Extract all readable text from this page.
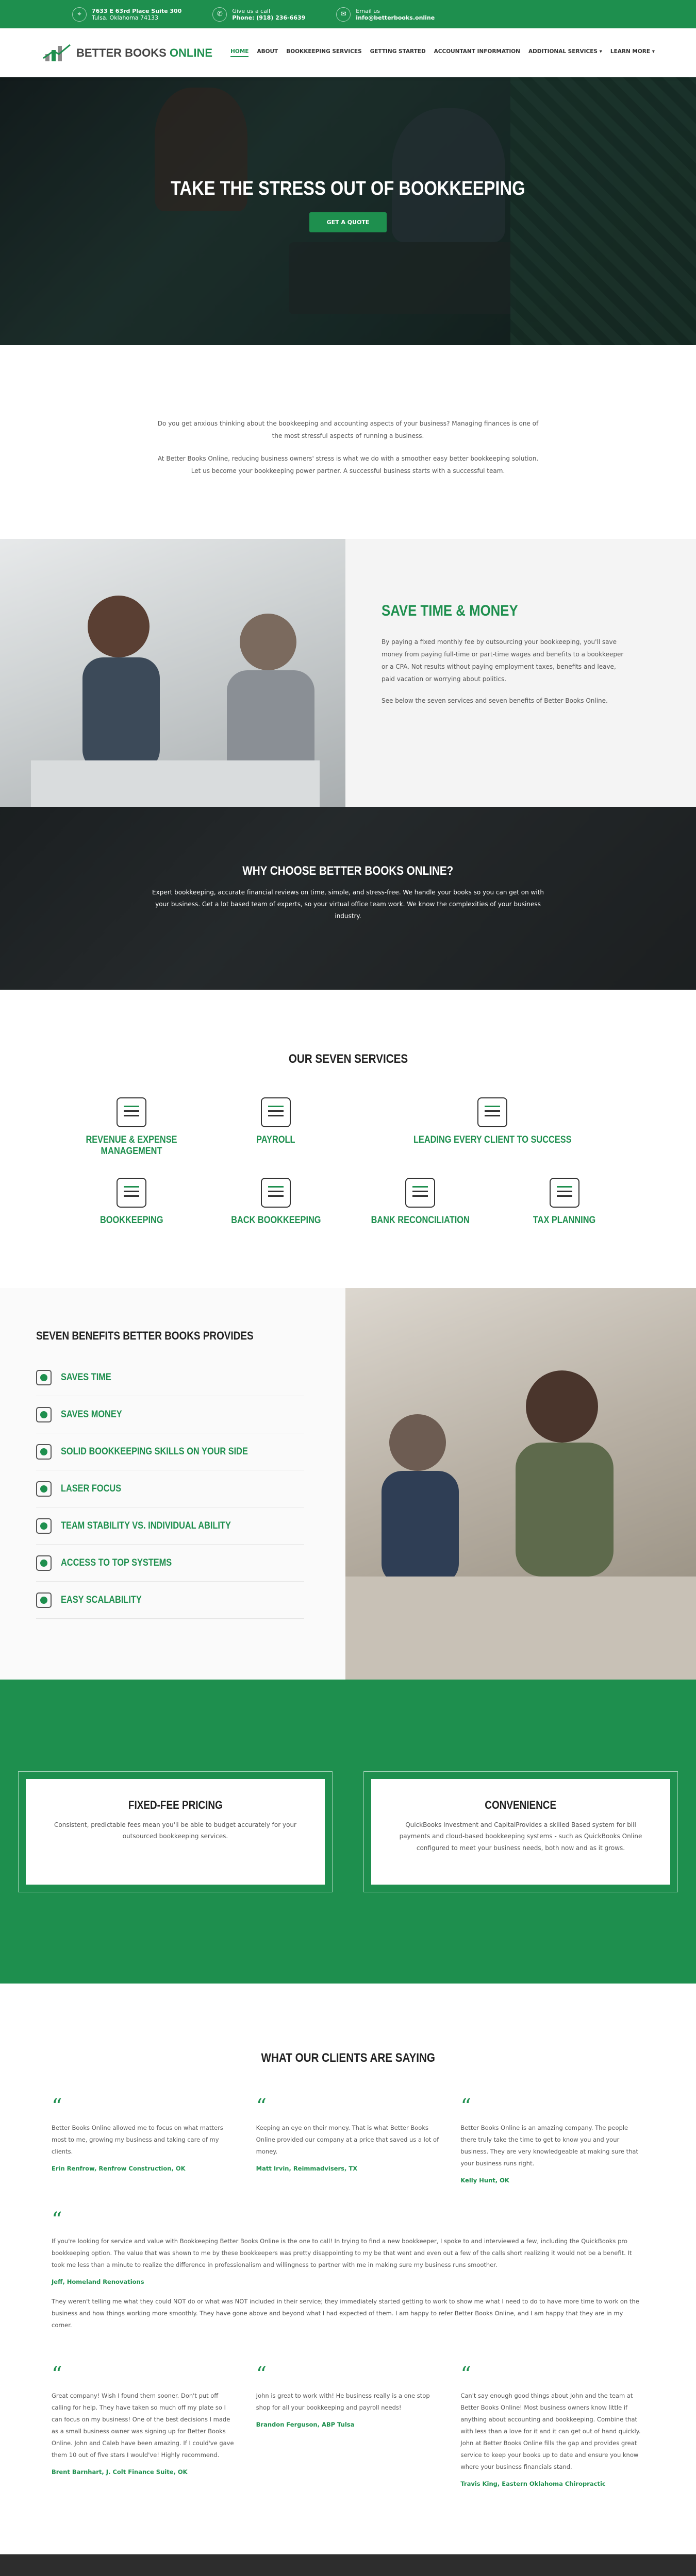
⌖	7633 E 63rd Place Suite 300
Tulsa, Oklahoma 74133	✆	Give us a call
Phone: (918) 236-6639	✉	Email us
info@betterbooks.online
BETTER BOOKS ONLINE	HOME ABOUT BOOKKEEPING SERVICES GETTING STARTED ACCOUNTANT INFORMATION ADDITIONAL SERVICES ▾ LEARN MORE ▾
TAKE THE STRESS OUT OF BOOKKEEPING
GET A QUOTE

Do you get anxious thinking about the bookkeeping and accounting aspects of your business? Managing finances is one of the most stressful aspects of running a business.

At Better Books Online, reducing business owners' stress is what we do with a smoother easy better bookkeeping solution. Let us become your bookkeeping power partner. A successful business starts with a successful team.

SAVE TIME & MONEY

By paying a fixed monthly fee by outsourcing your bookkeeping, you'll save money from paying full-time or part-time wages and benefits to a bookkeeper or a CPA. Not results without paying employment taxes, benefits and leave, paid vacation or worrying about politics.

See below the seven services and seven benefits of Better Books Online.

WHY CHOOSE BETTER BOOKS ONLINE?

Expert bookkeeping, accurate financial reviews on time, simple, and stress-free. We handle your books so you can get on with your business. Get a lot based team of experts, so your virtual office team work. We know the complexities of your business industry.

OUR SEVEN SERVICES
REVENUE & EXPENSE MANAGEMENT
PAYROLL	LEADING EVERY CLIENT TO SUCCESS
BOOKKEEPING	BACK BOOKKEEPING	BANK RECONCILIATION	TAX PLANNING
SEVEN BENEFITS BETTER BOOKS PROVIDES
SAVES TIME
SAVES MONEY
SOLID BOOKKEEPING SKILLS ON YOUR SIDE
LASER FOCUS
TEAM STABILITY VS. INDIVIDUAL ABILITY
ACCESS TO TOP SYSTEMS
EASY SCALABILITY
FIXED-FEE PRICING

Consistent, predictable fees mean you'll be able to budget accurately for your outsourced bookkeeping services.

CONVENIENCE

QuickBooks Investment and CapitalProvides a skilled Based system for bill payments and cloud-based bookkeeping systems - such as QuickBooks Online configured to meet your business needs, both now and as it grows.

WHAT OUR CLIENTS ARE SAYING
“

Better Books Online allowed me to focus on what matters most to me, growing my business and taking care of my clients.

Erin Renfrow, Renfrow Construction, OK
“

Keeping an eye on their money. That is what Better Books Online provided our company at a price that saved us a lot of money.

Matt Irvin, Reimmadvisers, TX
“

Better Books Online is an amazing company. The people there truly take the time to get to know you and your business. They are very knowledgeable at making sure that your business runs right.

Kelly Hunt, OK
“

If you're looking for service and value with Bookkeeping Better Books Online is the one to call! In trying to find a new bookkeeper, I spoke to and interviewed a few, including the QuickBooks pro bookkeeping option. The value that was shown to me by these bookkeepers was pretty disappointing to my be that went and even out a few of the calls short realizing it would not be a benefit. It took me less than a minute to realize the difference in professionalism and willingness to partner with me in making sure my business runs smoother.

Jeff, Homeland Renovations

They weren't telling me what they could NOT do or what was NOT included in their service; they immediately started getting to work to show me what I need to do to have more time to work on the business and how things working more smoothly. They have gone above and beyond what I had expected of them. I am happy to refer Better Books Online, and I am happy that they are in my corner.

“

Great company! Wish I found them sooner. Don't put off calling for help. They have taken so much off my plate so I can focus on my business! One of the best decisions I made as a small business owner was signing up for Better Books Online. John and Caleb have been amazing. If I could've gave them 10 out of five stars I would've! Highly recommend.

Brent Barnhart, J. Colt Finance Suite, OK
“

John is great to work with! He business really is a one stop shop for all your bookkeeping and payroll needs!

Brandon Ferguson, ABP Tulsa
“

Can't say enough good things about John and the team at Better Books Online! Most business owners know little if anything about accounting and bookkeeping. Combine that with less than a love for it and it can get out of hand quickly. John at Better Books Online fills the gap and provides great service to keep your books up to date and ensure you know where your business financials stand.

Travis King, Eastern Oklahoma Chiropractic
